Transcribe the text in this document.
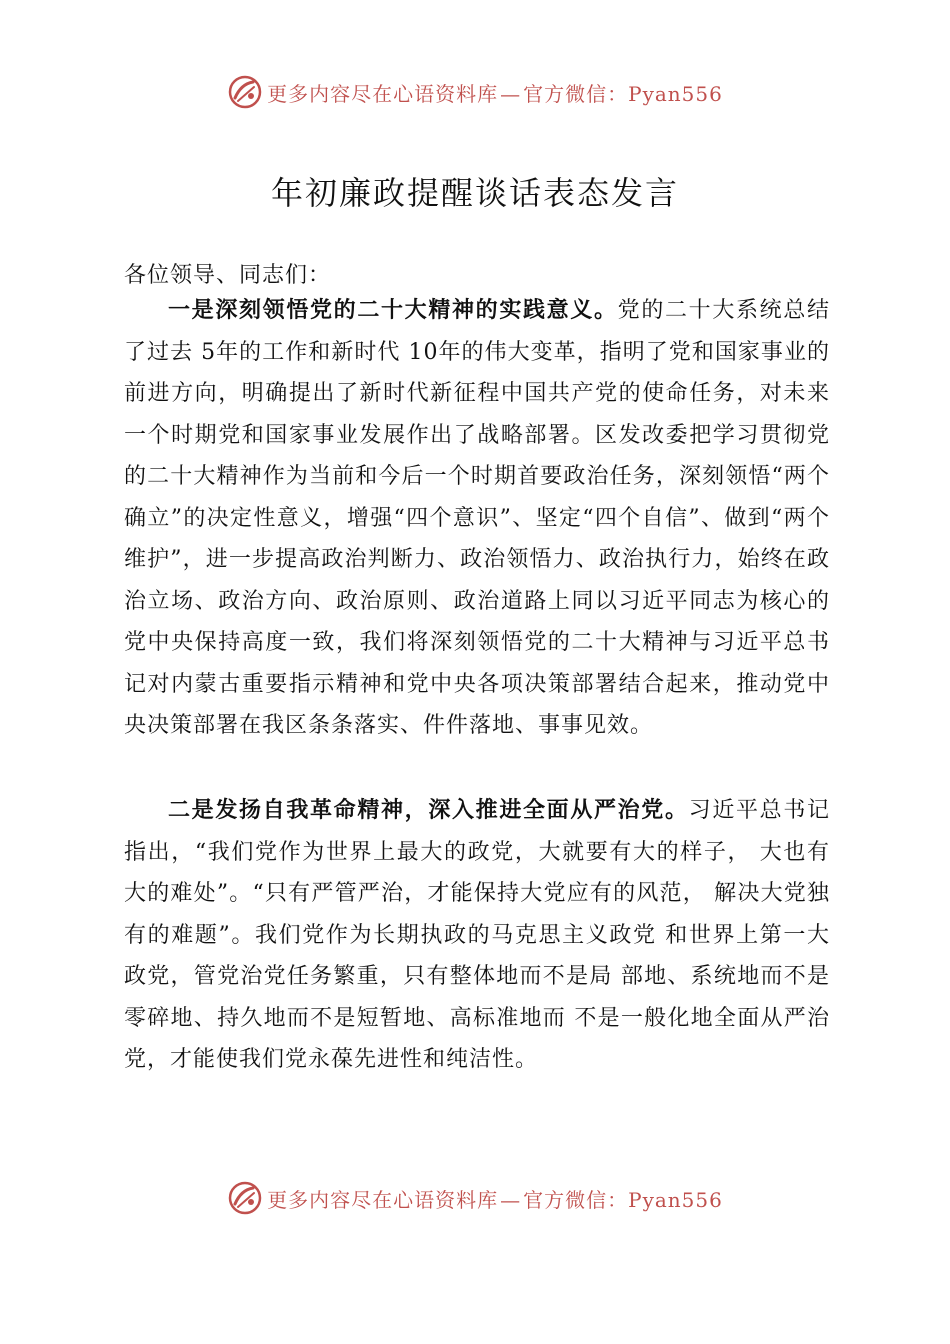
更多内容尽在心语资料库 — 官方微信：Pyan556
年初廉政提醒谈话表态发言
各位领导、同志们：

一是深刻领悟党的二十大精神的实践意义。党的二十大系统总结了过去 5年的工作和新时代 10年的伟大变革，指明了党和国家事业的前进方向，明确提出了新时代新征程中国共产党的使命任务，对未来一个时期党和国家事业发展作出了战略部署。区发改委把学习贯彻党的二十大精神作为当前和今后一个时期首要政治任务，深刻领悟“两个确立”的决定性意义，增强“四个意识”、坚定“四个自信”、做到“两个维护”，进一步提高政治判断力、政治领悟力、政治执行力，始终在政治立场、政治方向、政治原则、政治道路上同以习近平同志为核心的党中央保持高度一致，我们将深刻领悟党的二十大精神与习近平总书记对内蒙古重要指示精神和党中央各项决策部署结合起来，推动党中央决策部署在我区条条落实、件件落地、事事见效。

二是发扬自我革命精神，深入推进全面从严治党。习近平总书记指出，“我们党作为世界上最大的政党，大就要有大的样子， 大也有大的难处”。“只有严管严治，才能保持大党应有的风范， 解决大党独有的难题”。我们党作为长期执政的马克思主义政党 和世界上第一大政党，管党治党任务繁重，只有整体地而不是局 部地、系统地而不是零碎地、持久地而不是短暂地、高标准地而 不是一般化地全面从严治党，才能使我们党永葆先进性和纯洁性。

更多内容尽在心语资料库 — 官方微信：Pyan556
